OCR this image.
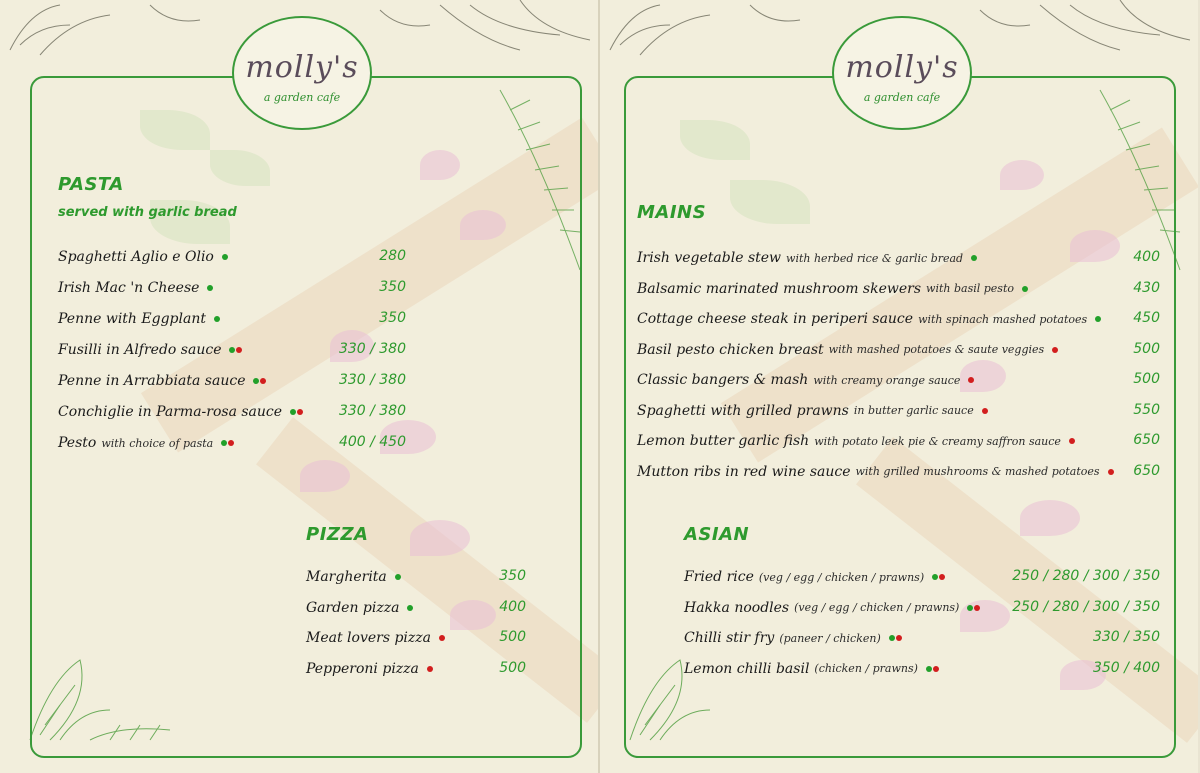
molly's
a garden cafe
PASTA
served with garlic bread
PIZZA
Spaghetti Aglio e Olio	280
Irish Mac 'n Cheese	350
Penne with Eggplant	350
Fusilli in Alfredo sauce	330 / 380
Penne in Arrabbiata sauce	330 / 380
Conchiglie in Parma-rosa sauce	330 / 380
Pesto with choice of pasta	400 / 450
Margherita	350
Garden pizza	400
Meat lovers pizza	500
Pepperoni pizza	500
molly's
a garden cafe
MAINS
ASIAN
Irish vegetable stew with herbed rice & garlic bread	400
Balsamic marinated mushroom skewers with basil pesto	430
Cottage cheese steak in periperi sauce with spinach mashed potatoes	450
Basil pesto chicken breast with mashed potatoes & saute veggies	500
Classic bangers & mash with creamy orange sauce	500
Spaghetti with grilled prawns in butter garlic sauce	550
Lemon butter garlic fish with potato leek pie & creamy saffron sauce	650
Mutton ribs in red wine sauce with grilled mushrooms & mashed potatoes 650
Fried rice (veg / egg / chicken / prawns)	250 / 280 / 300 / 350
Hakka noodles (veg / egg / chicken / prawns)	250 / 280 / 300 / 350
Chilli stir fry (paneer / chicken)	330 / 350
Lemon chilli basil (chicken / prawns)	350 / 400
